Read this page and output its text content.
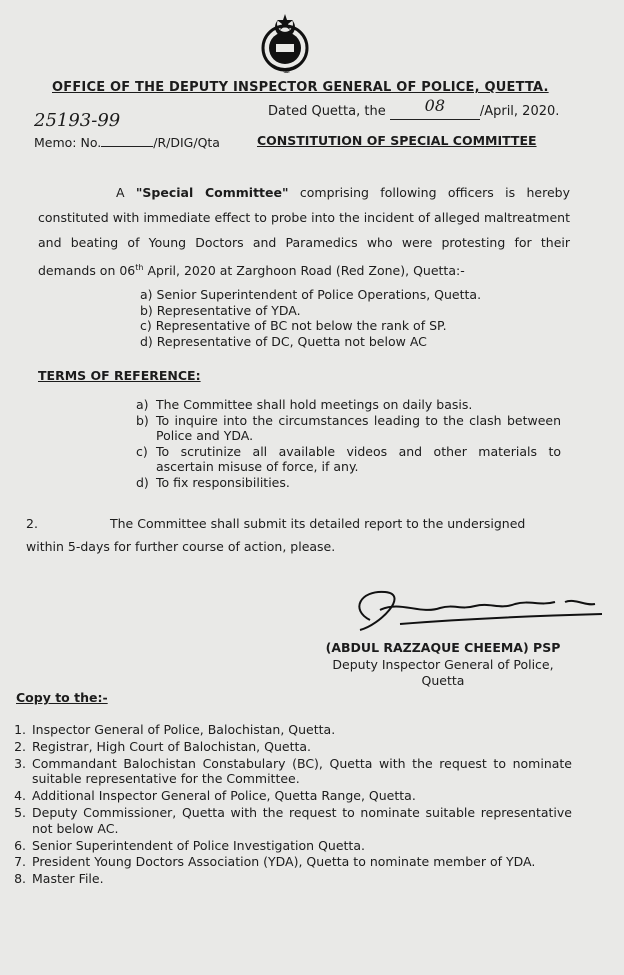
ﷲ
OFFICE OF THE DEPUTY INSPECTOR GENERAL OF POLICE, QUETTA.
Dated Quetta, the 08	/April, 2020.
25193-99
Memo: No.	/R/DIG/Qta	CONSTITUTION OF SPECIAL COMMITTEE
A "Special Committee" comprising following officers is hereby constituted with immediate effect to probe into the incident of alleged maltreatment and beating of Young Doctors and Paramedics who were protesting for their demands on 06th April, 2020 at Zarghoon Road (Red Zone), Quetta:-
a) Senior Superintendent of Police Operations, Quetta.
b) Representative of YDA.
c) Representative of BC not below the rank of SP.
d) Representative of DC, Quetta not below AC
TERMS OF REFERENCE:
a) The Committee shall hold meetings on daily basis.
b) To inquire into the circumstances leading to the clash between Police and YDA.
c) To scrutinize all available videos and other materials to ascertain misuse of force, if any.
d) To fix responsibilities.
2.	The Committee shall submit its detailed report to the undersigned within 5-days for further course of action, please.
(ABDUL RAZZAQUE CHEEMA) PSP
Deputy Inspector General of Police,
Quetta
Copy to the:-
1. Inspector General of Police, Balochistan, Quetta.
2. Registrar, High Court of Balochistan, Quetta.
3. Commandant Balochistan Constabulary (BC), Quetta with the request to nominate suitable representative for the Committee.
4. Additional Inspector General of Police, Quetta Range, Quetta.
5. Deputy Commissioner, Quetta with the request to nominate suitable representative not below AC.
6. Senior Superintendent of Police Investigation Quetta.
7. President Young Doctors Association (YDA), Quetta to nominate member of YDA.
8. Master File.
